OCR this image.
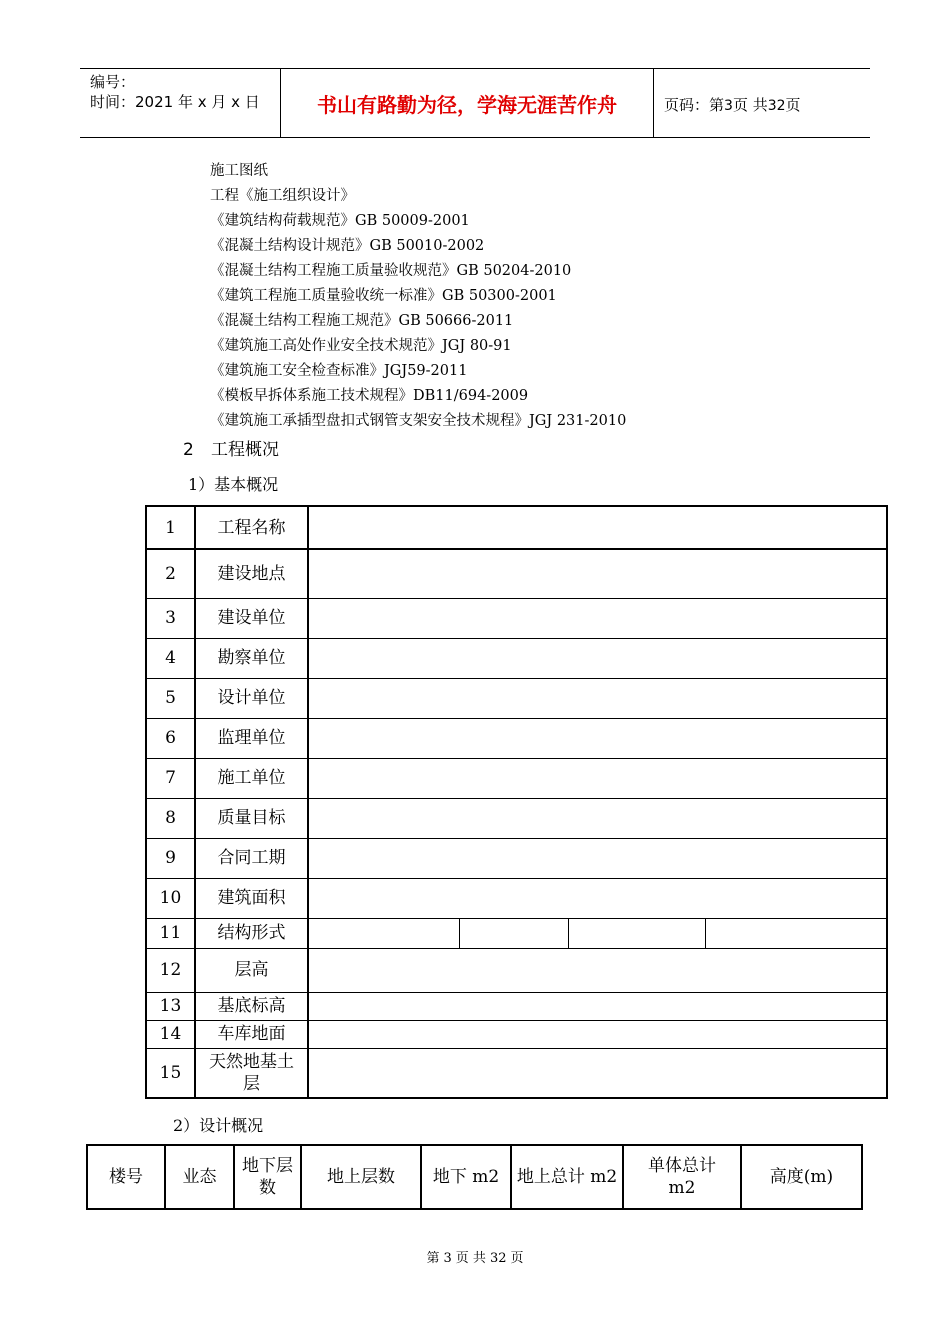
编号：
时间：2021 年 x 月 x 日	书山有路勤为径，学海无涯苦作舟	页码：第3页 共32页
施工图纸
工程《施工组织设计》
《建筑结构荷载规范》GB 50009-2001
《混凝土结构设计规范》GB 50010-2002
《混凝土结构工程施工质量验收规范》GB 50204-2010
《建筑工程施工质量验收统一标准》GB 50300-2001
《混凝土结构工程施工规范》GB 50666-2011
《建筑施工高处作业安全技术规范》JGJ 80-91
《建筑施工安全检查标准》JGJ59-2011
《模板早拆体系施工技术规程》DB11/694-2009
《建筑施工承插型盘扣式钢管支架安全技术规程》JGJ 231-2010
2 工程概况
1）基本概况
1	工程名称				
2	建设地点				
3	建设单位				
4	勘察单位				
5	设计单位				
6	监理单位				
7	施工单位				
8	质量目标				
9	合同工期				
10	建筑面积				
11	结构形式				
12	层高				
13	基底标高				
14	车库地面				
15	天然地基土层				
2）设计概况
楼号	业态	地下层数	地上层数	地下 m2	地上总计 m2	单体总计 m2	高度(m)
第 3 页 共 32 页
